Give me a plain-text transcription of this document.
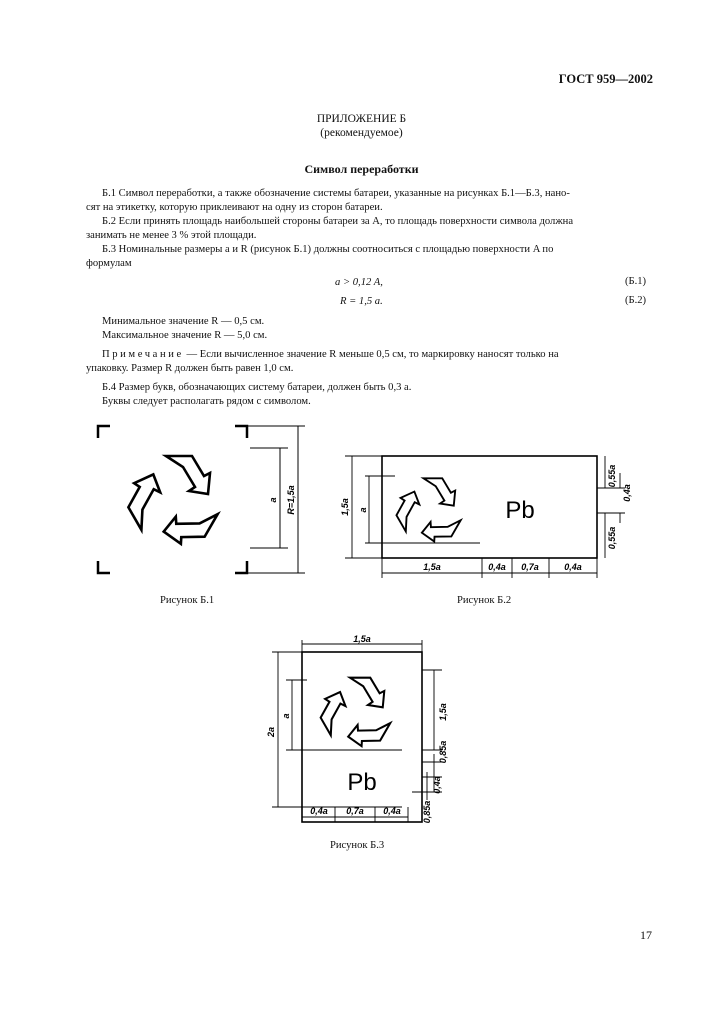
ГОСТ 959—2002
ПРИЛОЖЕНИЕ Б
(рекомендуемое)
Символ переработки
Б.1 Символ переработки, а также обозначение системы батареи, указанные на рисунках Б.1—Б.3, нано-
сят на этикетку, которую приклеивают на одну из сторон батареи.
Б.2 Если принять площадь наибольшей стороны батареи за A, то площадь поверхности символа должна
занимать не менее 3 % этой площади.
Б.3 Номинальные размеры a и R (рисунок Б.1) должны соотноситься с площадью поверхности A по
формулам
a > 0,12 A,	(Б.1)
R = 1,5 a.	(Б.2)
Минимальное значение R — 0,5 см.
Максимальное значение R — 5,0 см.
Примечание — Если вычисленное значение R меньше 0,5 см, то маркировку наносят только на
упаковку. Размер R должен быть равен 1,0 см.
Б.4 Размер букв, обозначающих систему батареи, должен быть 0,3 a.
Буквы следует располагать рядом с символом.
a R=1,5a
Рисунок Б.1
Pb
1,5a a
0,55a
0,4a
0,55a
1,5a	0,4a 0,7a	0,4a
Рисунок Б.2
Pb
1,5a
2a
a	1,5a
0,85a
0,4a
0,85a
0,4a 0,7a 0,4a
Рисунок Б.3
17
